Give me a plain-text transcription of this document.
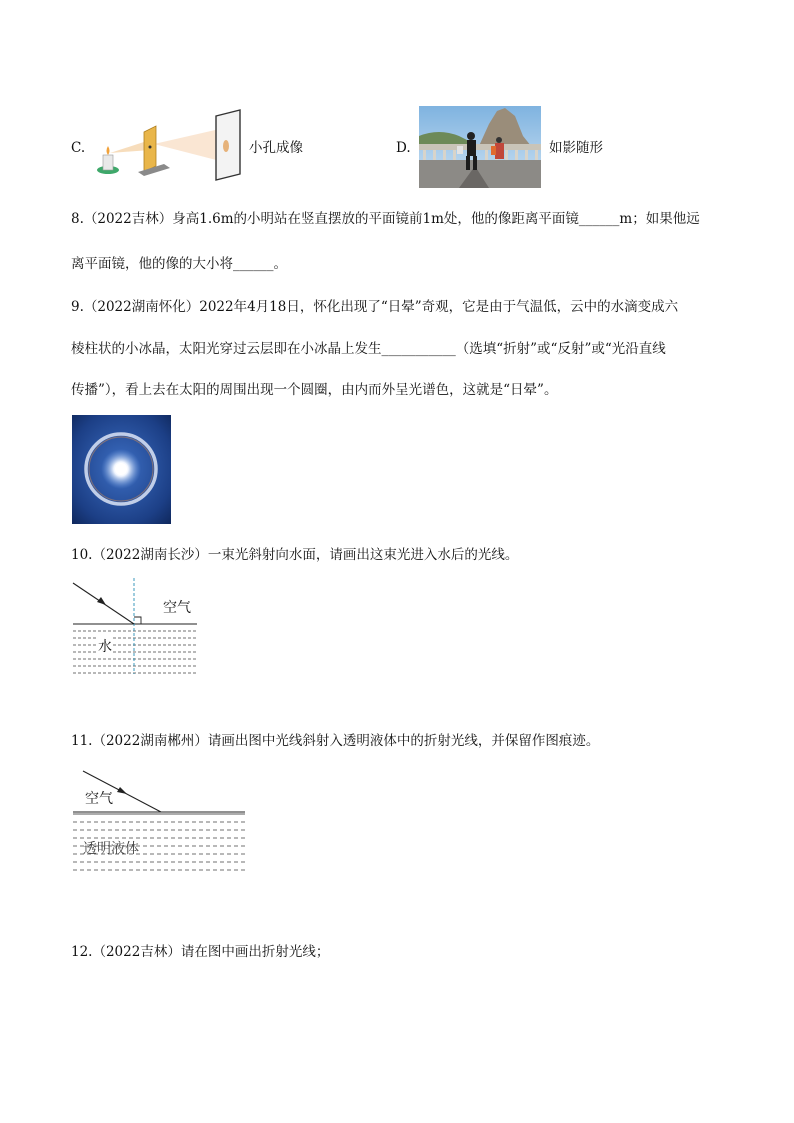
C.	小孔成像	D.	如影随形
8.（2022吉林）身高1.6m的小明站在竖直摆放的平面镜前1m处，他的像距离平面镜______m；如果他远
离平面镜，他的像的大小将______。
9.（2022湖南怀化）2022年4月18日，怀化出现了“日晕”奇观，它是由于气温低，云中的水滴变成六
棱柱状的小冰晶，太阳光穿过云层即在小冰晶上发生___________（选填“折射”或“反射”或“光沿直线
传播”），看上去在太阳的周围出现一个圆圈，由内而外呈光谱色，这就是“日晕”。
10.（2022湖南长沙）一束光斜射向水面，请画出这束光进入水后的光线。
空气
水
11.（2022湖南郴州）请画出图中光线斜射入透明液体中的折射光线，并保留作图痕迹。
空气
透明液体
12.（2022吉林）请在图中画出折射光线；
